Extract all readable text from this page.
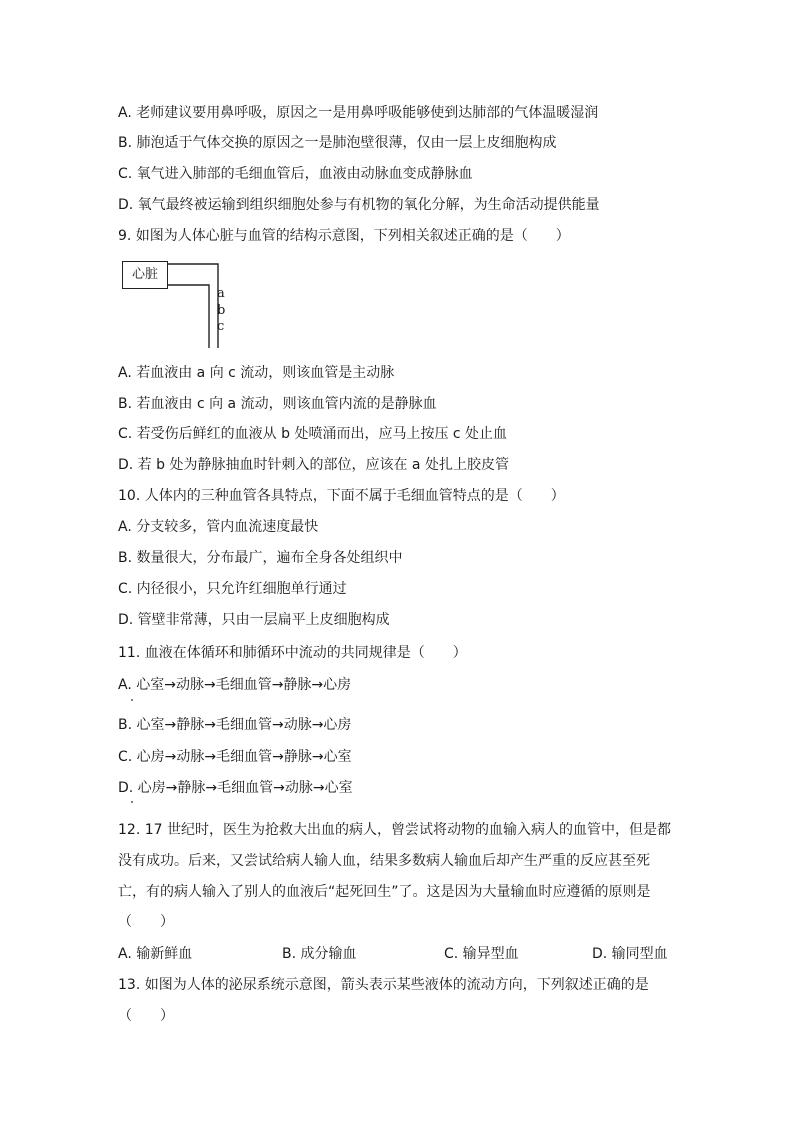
A. 老师建议要用鼻呼吸，原因之一是用鼻呼吸能够使到达肺部的气体温暖湿润
B. 肺泡适于气体交换的原因之一是肺泡壁很薄，仅由一层上皮细胞构成
C. 氧气进入肺部的毛细血管后，血液由动脉血变成静脉血
D. 氧气最终被运输到组织细胞处参与有机物的氧化分解，为生命活动提供能量
9. 如图为人体心脏与血管的结构示意图，下列相关叙述正确的是（　　）
心脏
a
b
c
A. 若血液由 a 向 c 流动，则该血管是主动脉
B. 若血液由 c 向 a 流动，则该血管内流的是静脉血
C. 若受伤后鲜红的血液从 b 处喷涌而出，应马上按压 c 处止血
D. 若 b 处为静脉抽血时针刺入的部位，应该在 a 处扎上胶皮管
10. 人体内的三种血管各具特点，下面不属于毛细血管特点的是（　　）
A. 分支较多，管内血流速度最快
B. 数量很大，分布最广，遍布全身各处组织中
C. 内径很小，只允许红细胞单行通过
D. 管壁非常薄，只由一层扁平上皮细胞构成
11. 血液在体循环和肺循环中流动的共同规律是（　　）
A. 心室→动脉→毛细血管→静脉→心房
B. 心室→静脉→毛细血管→动脉→心房
C. 心房→动脉→毛细血管→静脉→心室
D. 心房→静脉→毛细血管→动脉→心室
12. 17 世纪时，医生为抢救大出血的病人，曾尝试将动物的血输入病人的血管中，但是都
没有成功。后来，又尝试给病人输人血，结果多数病人输血后却产生严重的反应甚至死
亡，有的病人输入了别人的血液后“起死回生”了。这是因为大量输血时应遵循的原则是
（　　）
A. 输新鲜血	B. 成分输血	C. 输异型血	D. 输同型血
13. 如图为人体的泌尿系统示意图，箭头表示某些液体的流动方向，下列叙述正确的是
（　　）
